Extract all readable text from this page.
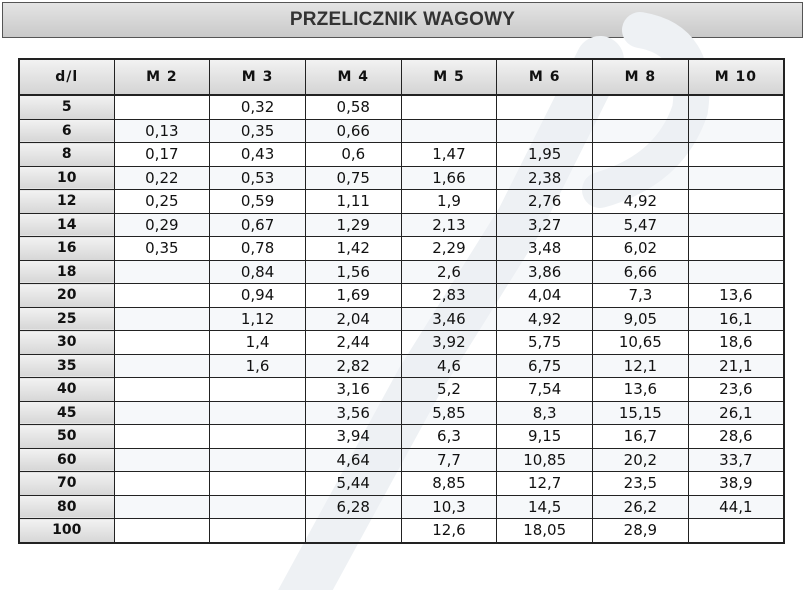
PRZELICZNIK WAGOWY
d/l	M 2	M 3	M 4	M 5	M 6	M 8	M 10
5		0,32	0,58				
6	0,13	0,35	0,66				
8	0,17	0,43	0,6	1,47	1,95		
10	0,22	0,53	0,75	1,66	2,38		
12	0,25	0,59	1,11	1,9	2,76	4,92	
14	0,29	0,67	1,29	2,13	3,27	5,47	
16	0,35	0,78	1,42	2,29	3,48	6,02	
18		0,84	1,56	2,6	3,86	6,66	
20		0,94	1,69	2,83	4,04	7,3	13,6
25		1,12	2,04	3,46	4,92	9,05	16,1
30		1,4	2,44	3,92	5,75	10,65	18,6
35		1,6	2,82	4,6	6,75	12,1	21,1
40			3,16	5,2	7,54	13,6	23,6
45			3,56	5,85	8,3	15,15	26,1
50			3,94	6,3	9,15	16,7	28,6
60			4,64	7,7	10,85	20,2	33,7
70			5,44	8,85	12,7	23,5	38,9
80			6,28	10,3	14,5	26,2	44,1
100				12,6	18,05	28,9	
